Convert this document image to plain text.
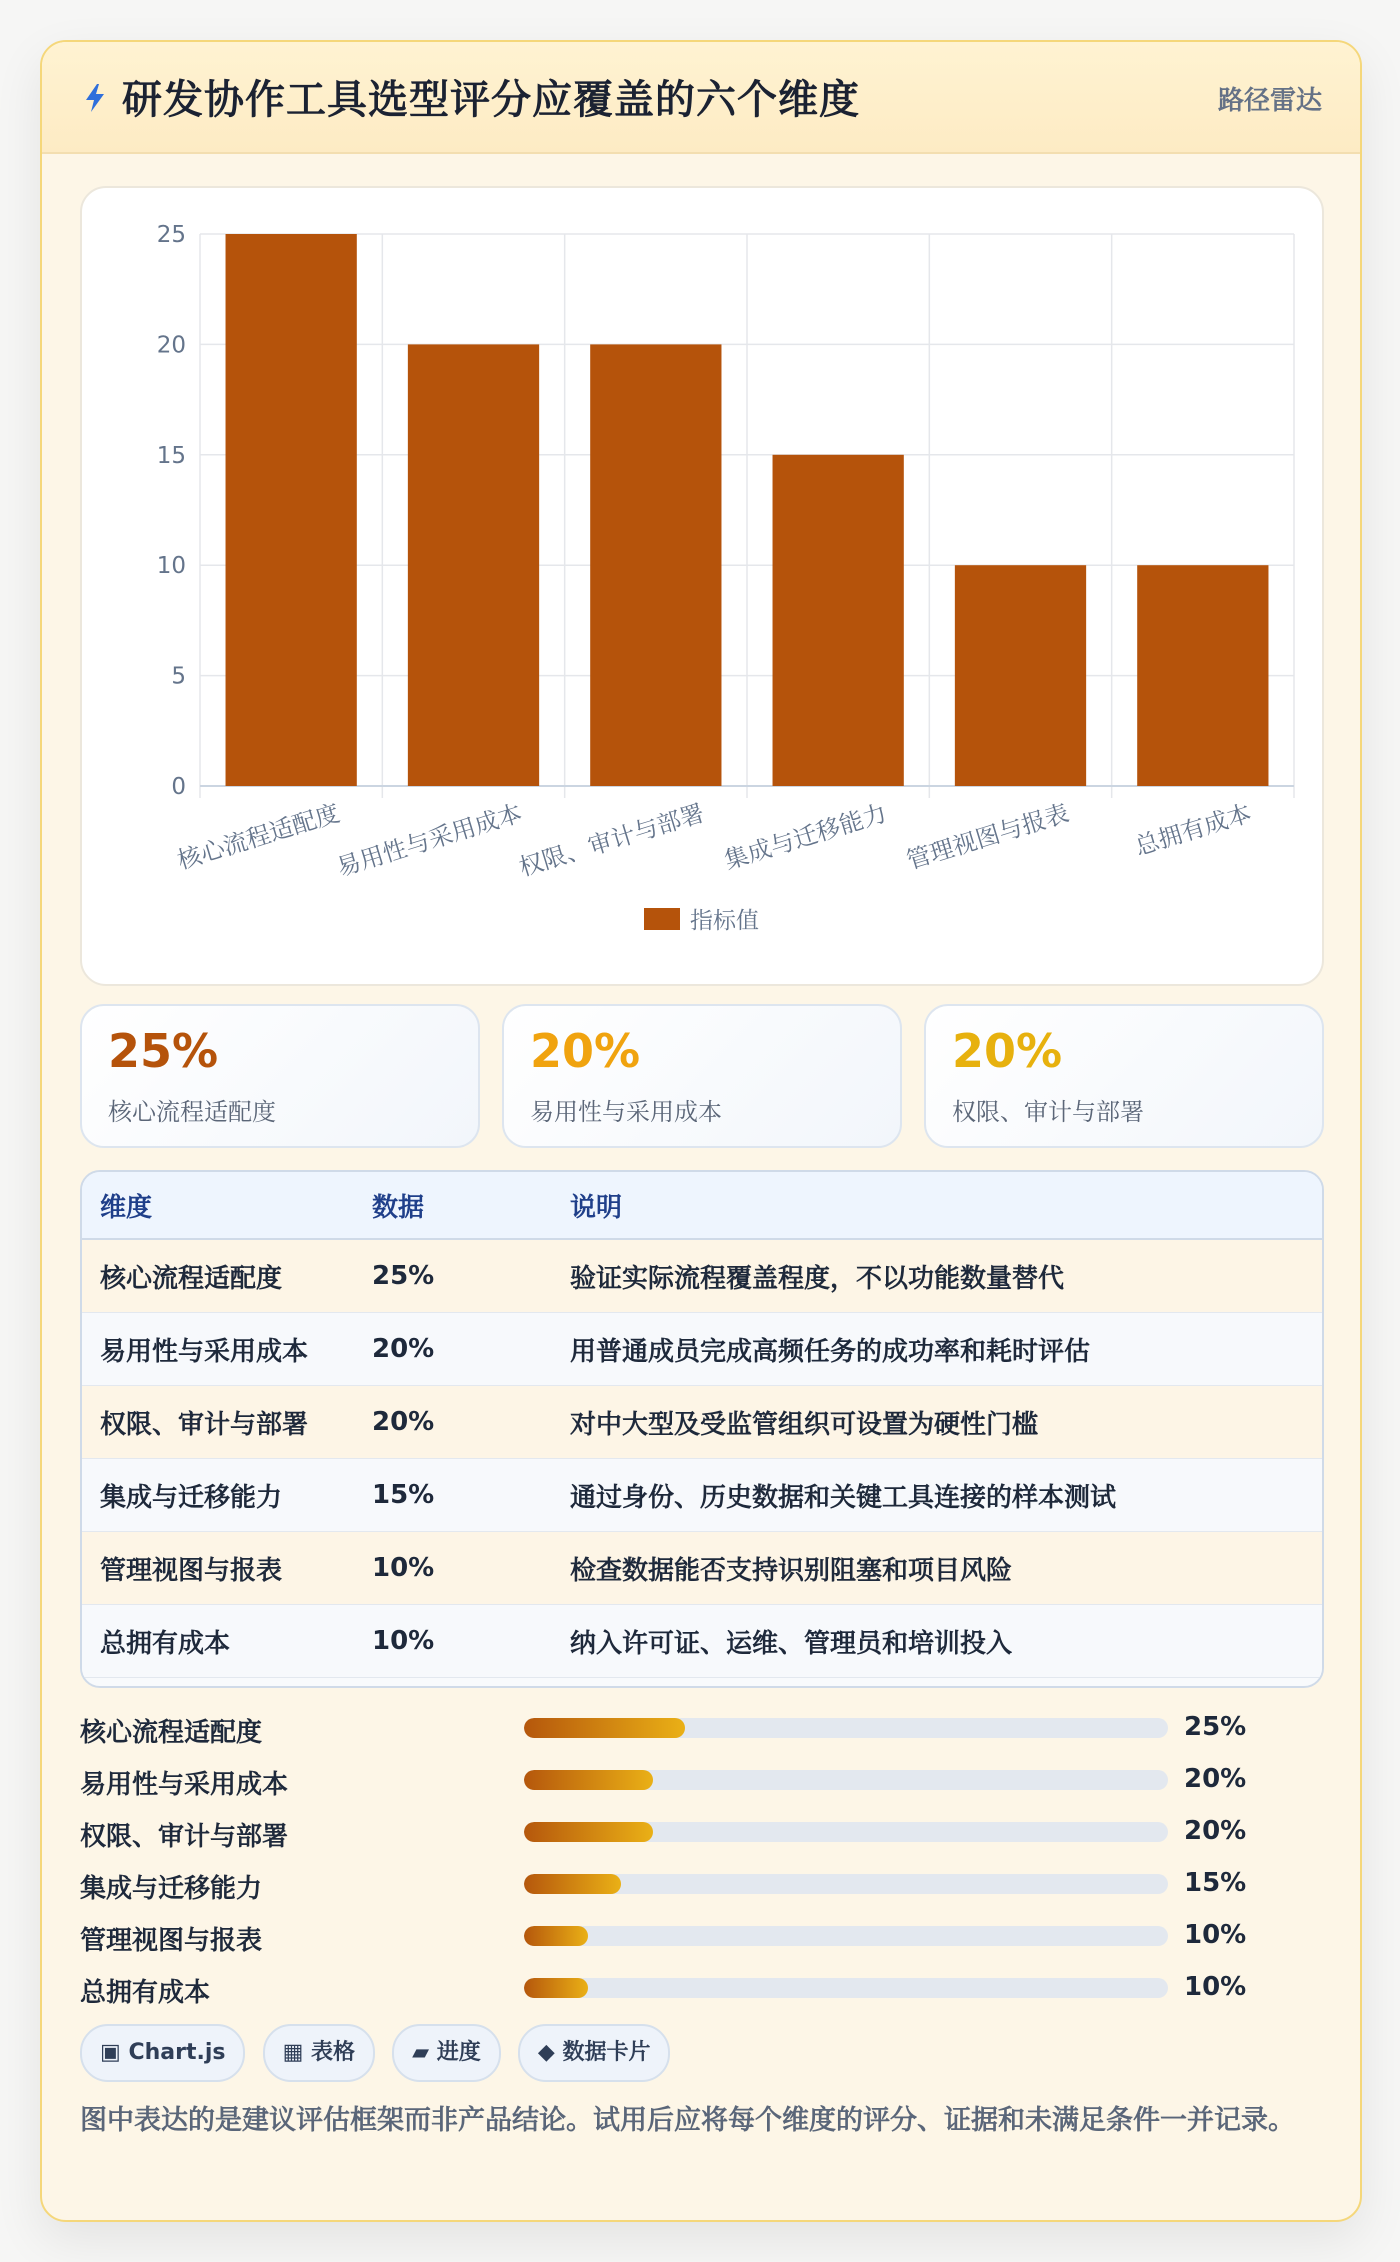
研发协作工具选型评分应覆盖的六个维度	路径雷达
0
5
10
15
20
25
核心流程适配度
易用性与采用成本
权限、审计与部署 集成与迁移能力 管理视图与报表 总拥有成本
指标值
25%
核心流程适配度
20%
易用性与采用成本
20%
权限、审计与部署
维度	数据	说明
核心流程适配度	25%	验证实际流程覆盖程度，不以功能数量替代
易用性与采用成本	20%	用普通成员完成高频任务的成功率和耗时评估
权限、审计与部署	20%	对中大型及受监管组织可设置为硬性门槛
集成与迁移能力	15%	通过身份、历史数据和关键工具连接的样本测试
管理视图与报表	10%	检查数据能否支持识别阻塞和项目风险
总拥有成本	10%	纳入许可证、运维、管理员和培训投入
核心流程适配度	25%
易用性与采用成本	20%
权限、审计与部署	20%
集成与迁移能力	15%
管理视图与报表	10%
总拥有成本	10%
▣ Chart.js	▦ 表格	▰ 进度	◆ 数据卡片
图中表达的是建议评估框架而非产品结论。试用后应将每个维度的评分、证据和未满足条件一并记录。
